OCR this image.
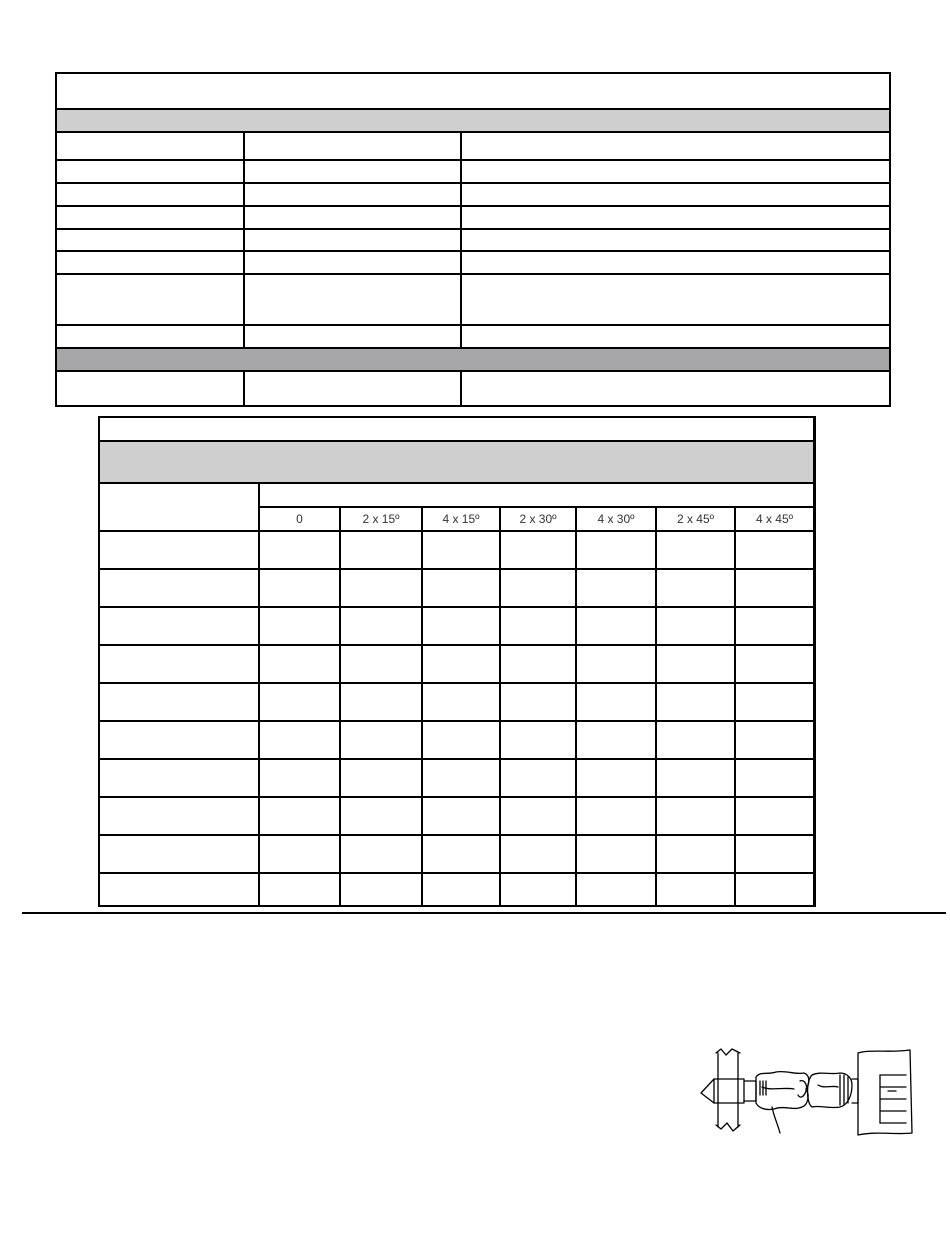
0	2 x 15º	4 x 15º	2 x 30º	4 x 30º	2 x 45º	4 x 45º
